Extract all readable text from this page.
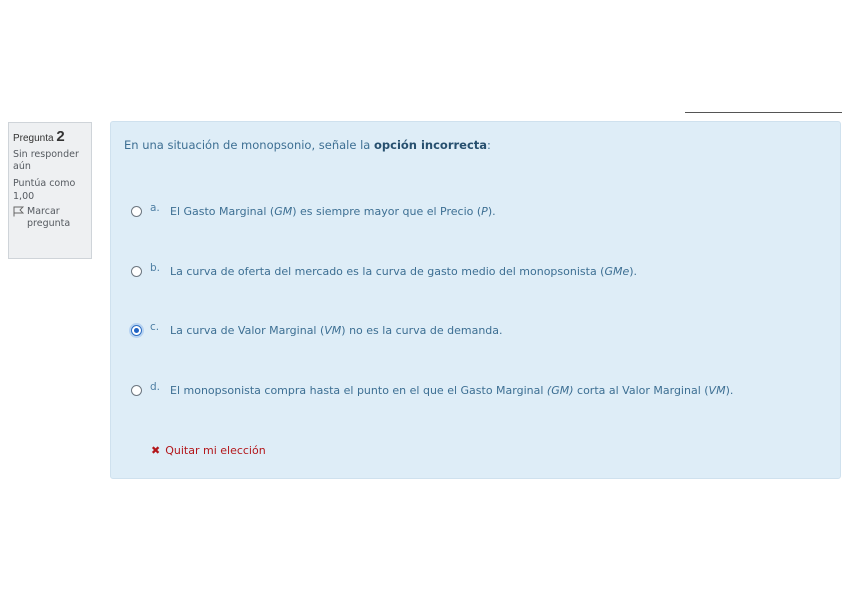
Pregunta 2
Sin responder aún
Puntúa como 1,00
Marcar pregunta
En una situación de monopsonio, señale la opción incorrecta:
a. El Gasto Marginal (GM) es siempre mayor que el Precio (P).
b. La curva de oferta del mercado es la curva de gasto medio del monopsonista (GMe).
c. La curva de Valor Marginal (VM) no es la curva de demanda.
d. El monopsonista compra hasta el punto en el que el Gasto Marginal (GM) corta al Valor Marginal (VM).
✖ Quitar mi elección
